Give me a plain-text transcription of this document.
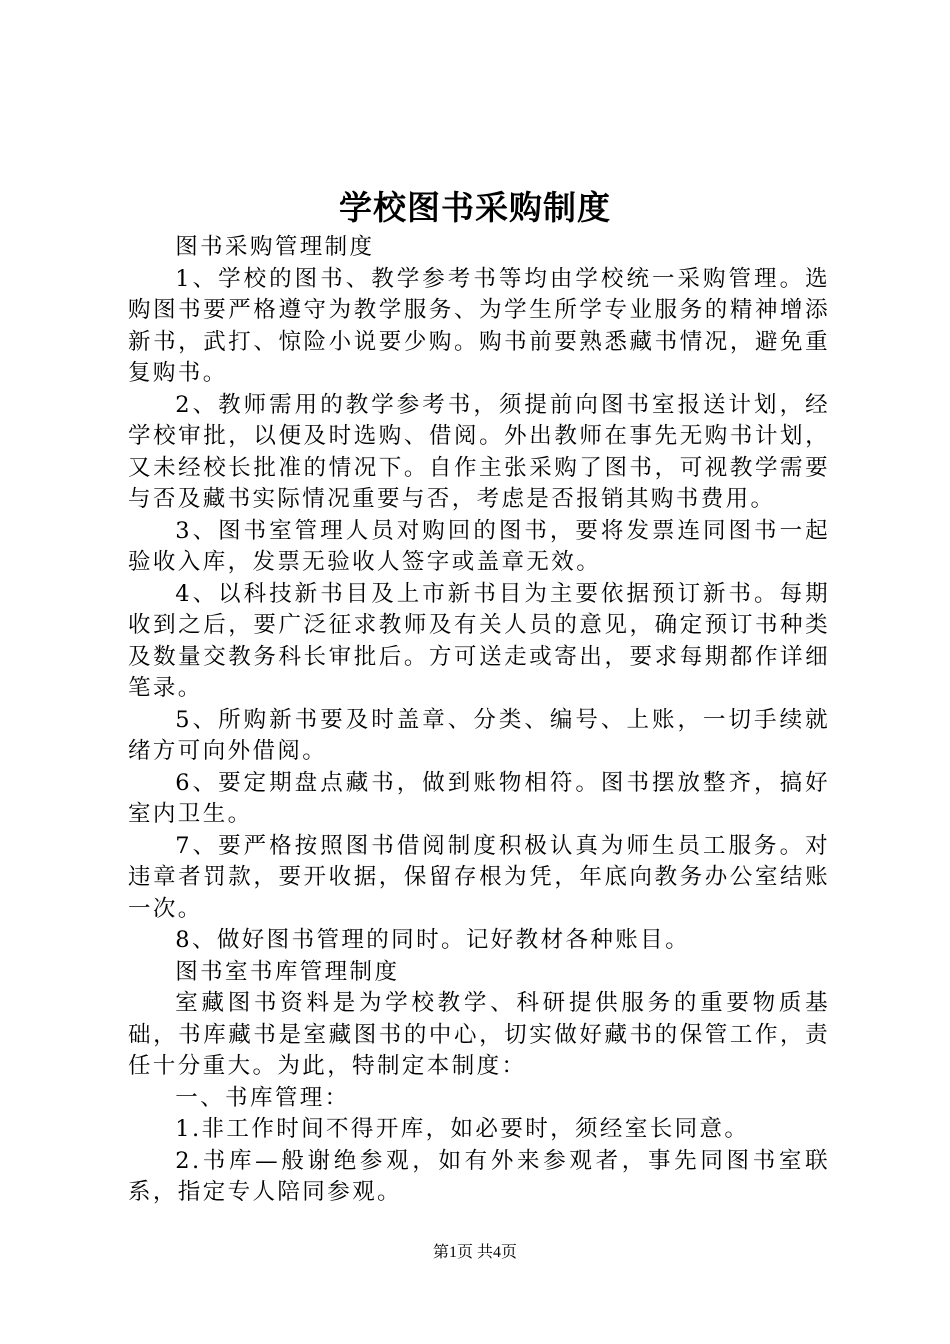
学校图书采购制度

图书采购管理制度

1、学校的图书、教学参考书等均由学校统一采购管理。选购图书要严格遵守为教学服务、为学生所学专业服务的精神增添新书，武打、惊险小说要少购。购书前要熟悉藏书情况，避免重复购书。

2、教师需用的教学参考书，须提前向图书室报送计划，经学校审批，以便及时选购、借阅。外出教师在事先无购书计划，又未经校长批准的情况下。自作主张采购了图书，可视教学需要与否及藏书实际情况重要与否，考虑是否报销其购书费用。

3、图书室管理人员对购回的图书，要将发票连同图书一起验收入库，发票无验收人签字或盖章无效。

4、以科技新书目及上市新书目为主要依据预订新书。每期收到之后，要广泛征求教师及有关人员的意见，确定预订书种类及数量交教务科长审批后。方可送走或寄出，要求每期都作详细笔录。

5、所购新书要及时盖章、分类、编号、上账，一切手续就绪方可向外借阅。

6、要定期盘点藏书，做到账物相符。图书摆放整齐，搞好室内卫生。

7、要严格按照图书借阅制度积极认真为师生员工服务。对违章者罚款，要开收据，保留存根为凭，年底向教务办公室结账一次。

8、做好图书管理的同时。记好教材各种账目。

图书室书库管理制度

室藏图书资料是为学校教学、科研提供服务的重要物质基础，书库藏书是室藏图书的中心，切实做好藏书的保管工作，责任十分重大。为此，特制定本制度：

一、书库管理：

1.非工作时间不得开库，如必要时，须经室长同意。

2.书库—般谢绝参观，如有外来参观者，事先同图书室联系，指定专人陪同参观。

第1页 共4页
